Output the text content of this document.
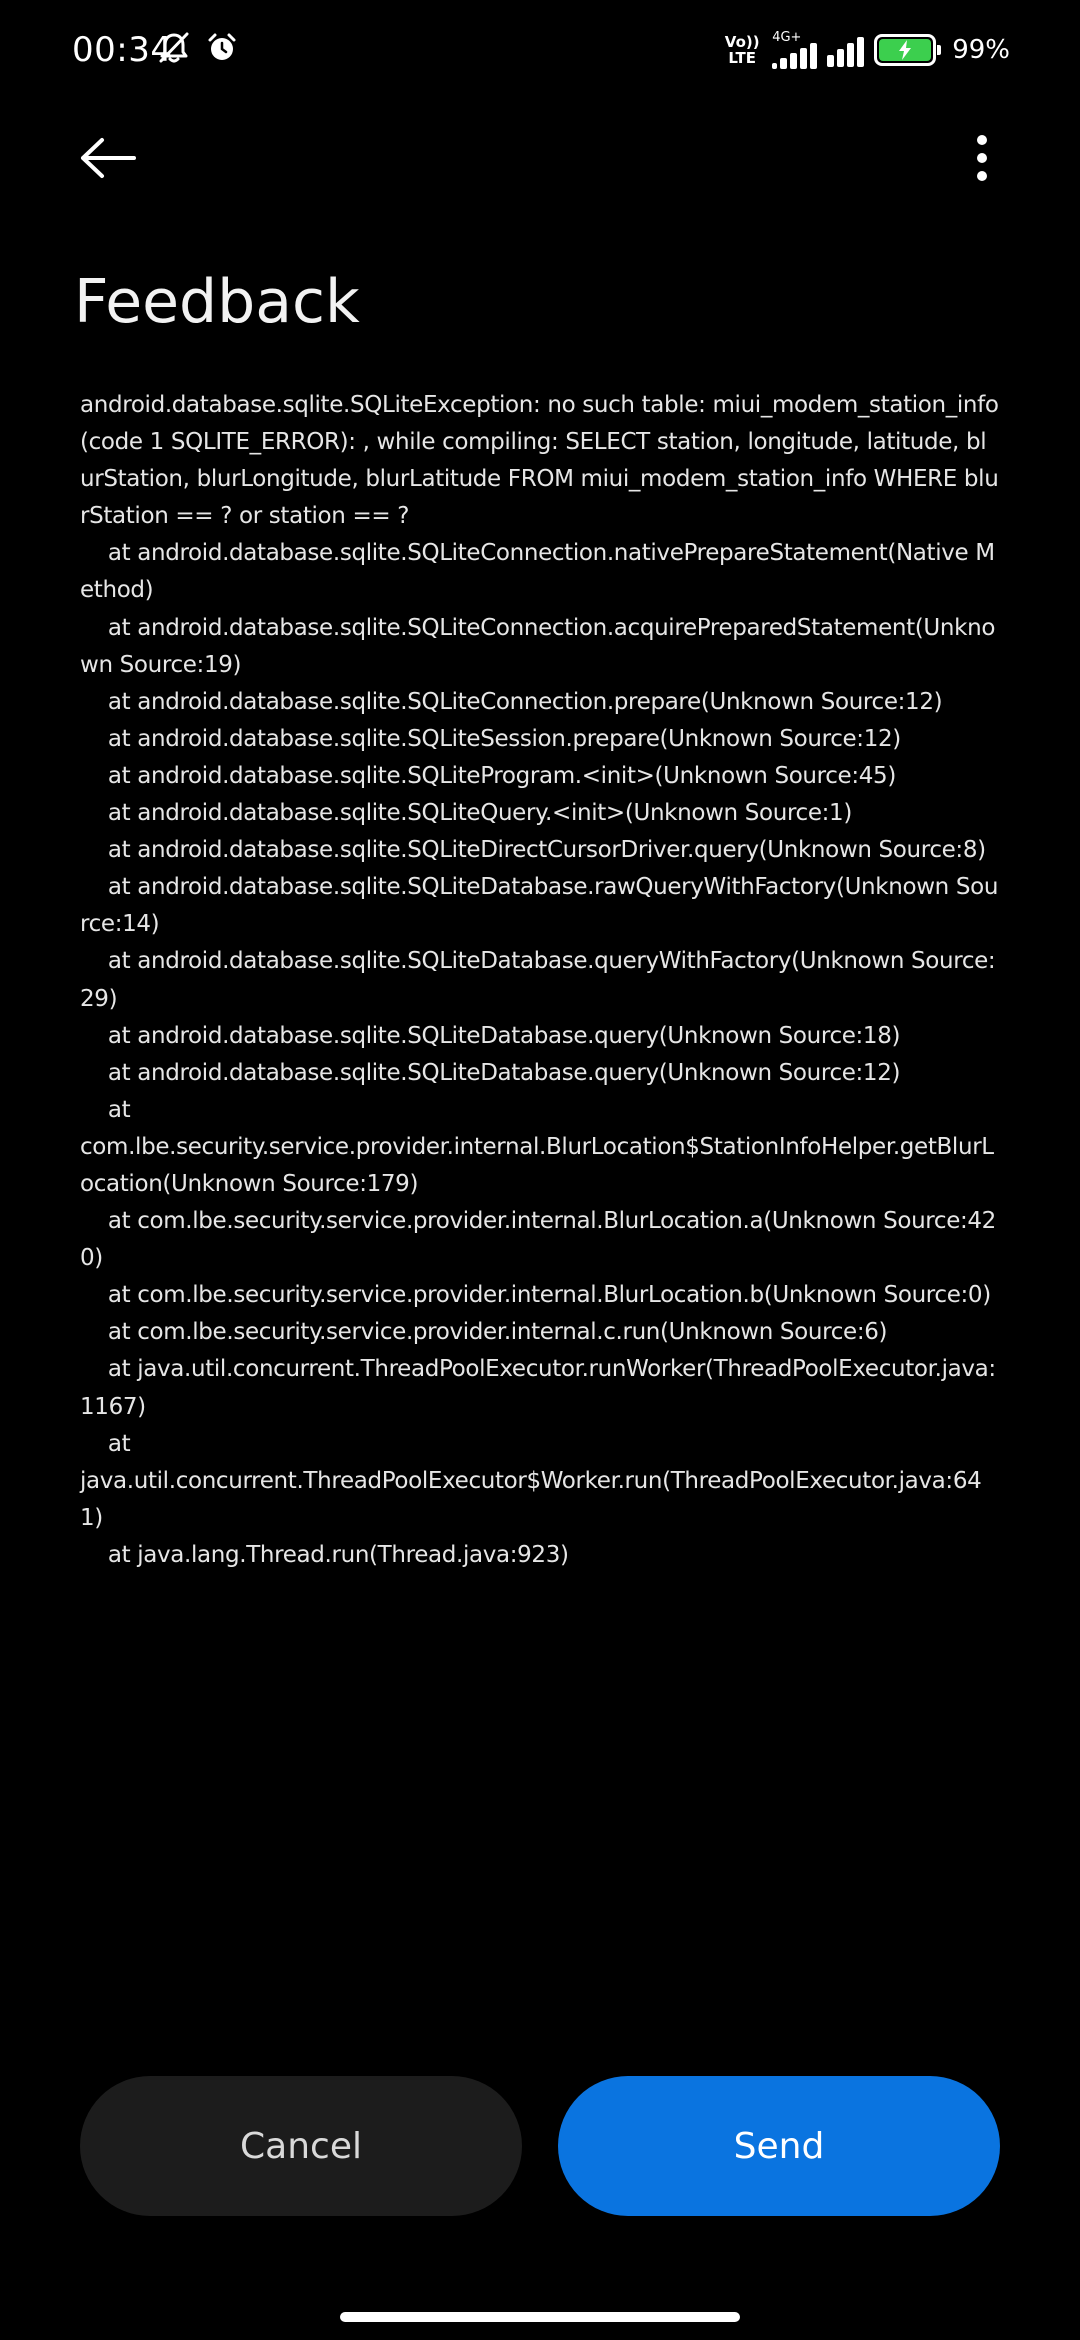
00:34	Vo))
LTE
4G+	99%
Feedback
android.database.sqlite.SQLiteException: no such table: miui_modem_station_info (code 1 SQLITE_ERROR): , while compiling: SELECT station, longitude, latitude, blurStation, blurLongitude, blurLatitude FROM miui_modem_station_info WHERE blurStation == ? or station == ?
at android.database.sqlite.SQLiteConnection.nativePrepareStatement(Native Method)
at android.database.sqlite.SQLiteConnection.acquirePreparedStatement(Unknown Source:19)
at android.database.sqlite.SQLiteConnection.prepare(Unknown Source:12)
at android.database.sqlite.SQLiteSession.prepare(Unknown Source:12)
at android.database.sqlite.SQLiteProgram.<init>(Unknown Source:45)
at android.database.sqlite.SQLiteQuery.<init>(Unknown Source:1)
at android.database.sqlite.SQLiteDirectCursorDriver.query(Unknown Source:8)
at android.database.sqlite.SQLiteDatabase.rawQueryWithFactory(Unknown Source:14)
at android.database.sqlite.SQLiteDatabase.queryWithFactory(Unknown Source:29)
at android.database.sqlite.SQLiteDatabase.query(Unknown Source:18)
at android.database.sqlite.SQLiteDatabase.query(Unknown Source:12)
at
com.lbe.security.service.provider.internal.BlurLocation$StationInfoHelper.getBlurLocation(Unknown Source:179)
at com.lbe.security.service.provider.internal.BlurLocation.a(Unknown Source:420)
at com.lbe.security.service.provider.internal.BlurLocation.b(Unknown Source:0)
at com.lbe.security.service.provider.internal.c.run(Unknown Source:6)
at java.util.concurrent.ThreadPoolExecutor.runWorker(ThreadPoolExecutor.java:1167)
at
java.util.concurrent.ThreadPoolExecutor$Worker.run(ThreadPoolExecutor.java:641)
at java.lang.Thread.run(Thread.java:923)
Cancel	Send
